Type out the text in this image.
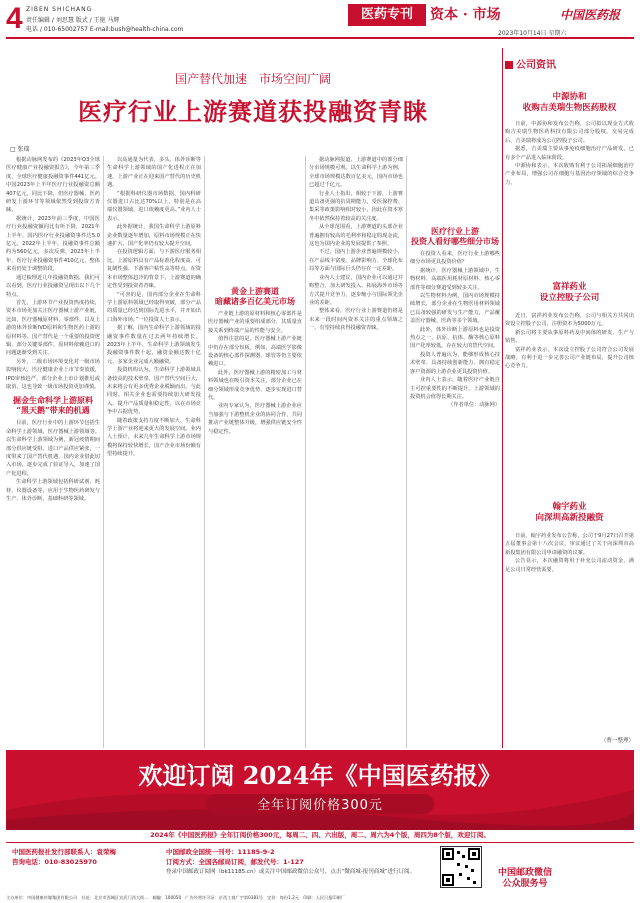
4 ZIBEN SHICHANG
责任编辑 / 刘思慧 版式 / 王艳 马辉
电话 / 010-65002757 E-mail:bush@health-china.com
医药专刊	资本 · 市场	中国医药报
2023年10月14日 星期六
国产替代加速　市场空间广阔
医疗行业上游赛道获投融资青睐
□ 张瑞

根据动脉网发布的《2023年Q3全球医疗健康产业投融资报告》，今年第三季度，全球医疗健康投融资事件441亿元。中国2023年上半年医疗行业投融资总额407亿元，同比下降，但医疗器械、医药研发上游环节等领域依然受到投资方青睐。

据统计，2023年前三季度，中国医疗行业投融资额同比有所下降，2021年上半年，国内医疗行业投融资事件达5.0亿元，2022年上半年，投融资事件总额约为560亿元，多次反弹，2023年上半年，医疗行业投融资事件410亿元，整体来看仍处于调整阶段。

通过梳理近几年投融资数据，我们可以看到，医疗行业投融资呈现出以下几个特点。

首先，上游环节产业投资热度持续，资本市场更加关注医疗器械上游产业链，比如，医疗器械原材料、零部件，以及上游的体外诊断IVD原料和生物医药上游的原材料等。国产替代是一个重要的投资逻辑，部分关键零部件、原材料依赖进口的问题逐渐受到关注。

另外，二级市场环境变化对一级市场影响较大，医疗健康企业上市节奏放缓，IPO审核趋严，部分企业上市计划推迟或取消，这也导致一级市场投资更加谨慎。

掘金生命科学上游原料
“黑天鹅”带来的机遇

目前，医疗行业中的上游环节包括生命科学上游领域、医疗器械上游领域等。以生命科学上游领域为例，新冠疫情期间部分供应链受阻，进口产品供应紧张，一度带来了国产替代机遇，国内企业借此切入市场，逐步完成了验证导入，加速了国产化进程。

生命科学上游领域包括科研试剂、耗材、仪器设备等，应用于生物医药研发与生产、体外诊断、基础科研等领域。

以高通量为代表，多头、体外诊断等生命科学上游领域的国产化进程正在加速。上游产业正在迎来国产替代的历史机遇。

“根据科研仪器市场数据，国内科研仪器进口占比达70%以上，特别是在高端仪器领域，进口依赖度更高。”业内人士表示。

此外据统计，我国生命科学上游原料企业数量逐年增加，原料市场规模正在快速扩大，国产化率仍有较大提升空间。

在投资逻辑方面，与下游医疗服务相比，上游原料具有产品标准化程度高、可复制性强、下游客户粘性高等特点。在资本市场整体趋冷的背景下，上游赛道的确定性受到投资者青睐。

“可喜的是，国内部分企业在生命科学上游原料领域已经取得突破，部分产品的质量已经达到国际先进水平，并开始出口海外市场。”一位投资人士表示。

据了解，国内生命科学上游领域的投融资事件数量在过去两年持续增长。2023年上半年，生命科学上游领域发生投融资事件数十起，融资金额达数十亿元，多家企业完成大额融资。

投资机构认为，生命科学上游领域具备较高的技术壁垒，国产替代空间巨大，未来将会有更多优秀企业脱颖而出。与此同时，相关企业也需要持续加大研发投入，提升产品质量和稳定性，以在市场竞争中占据优势。

随着政策支持力度不断加大，生命科学上游产业将迎来更大的发展空间。业内人士预计，未来几年生命科学上游市场规模将保持较快增长，国产企业市场份额有望持续提升。

黄金上游赛道
暗藏诸多百亿美元市场

产业链上游的原材料和核心零部件是医疗器械产业的重要组成部分，其质量直接关系到终端产品的性能与安全。

值得注意的是，医疗器械上游产业链中仍存在部分短板。例如，高端医学影像设备的核心部件探测器、球管等仍主要依赖进口。

此外，医疗器械上游的精密加工与材料领域也在吸引资本关注，部分企业已在细分领域形成竞争优势，逐步实现进口替代。

业内专家认为，医疗器械上游企业应当加强与下游整机企业的协同合作，共同推动产业链整体升级，增强供应链安全性与稳定性。

据动脉网报道，上游赛道中的部分细分市场规模可观。以生命科学上游为例，全球市场规模达数百亿美元，国内市场也已超过千亿元。

行业人士指出，相较于下游，上游赛道具备更强的抗周期能力，受医保控费、集采等政策影响相对较小，因此在资本寒冬中依然保持着较高的关注度。

从全球范围看，上游赛道的头部企业普遍拥有较高的毛利率和稳定的现金流，这也为国内企业的发展提供了参照。

不过，国内上游企业普遍规模较小，在产品线丰富度、品牌影响力、全球化布局等方面与国际巨头仍存在一定差距。

业内人士建议，国内企业可以通过并购整合、加大研发投入、拓展海外市场等方式提升竞争力，逐步缩小与国际领先企业的差距。

整体来看，医疗行业上游赛道仍将是未来一段时间内资本关注的重点领域之一，有望持续获得投融资青睐。

医疗行业上游
投资人看好哪些细分市场

在投资人看来，医疗行业上游哪些细分市场更具投资价值？

据统计，医疗器械上游领域中，生物材料、高端医用耗材原材料、核心零部件等细分赛道受到较多关注。

以生物材料为例，国内市场规模持续增长，部分企业在生物医用材料领域已具备较强的研发与生产能力，产品覆盖医疗器械、医药等多个领域。

此外，体外诊断上游原料也是投资热点之一，抗原、抗体、酶等核心原料国产化率较低，存在较大的替代空间。

投资人普遍认为，能够形成核心技术壁垒、具备持续创新能力、拥有稳定客户资源的上游企业更具投资价值。

业内人士表示，随着医疗产业链自主可控重要性的不断提升，上游领域的投资机会值得长期关注。

（作者单位：动脉网）

公司资讯
中源协和
收购吉美瑞生物医药股权

日前，中源协和发布公告称，公司拟以现金方式收购吉美瑞生物医药科技有限公司部分股权。交易完成后，吉美瑞将成为公司控股子公司。

据悉，吉美瑞主要从事免疫细胞治疗产品研发，已有多个产品进入临床阶段。

中源协和表示，本次收购有利于公司拓展细胞治疗产业布局，增强公司在细胞与基因治疗领域的综合竞争力。

富祥药业
设立控股子公司

近日，富祥药业发布公告称，公司与相关方共同出资设立控股子公司，注册资本为5000万元。

新公司将主要从事原料药及中间体的研发、生产与销售。

富祥药业表示，本次设立控股子公司符合公司发展战略，有利于进一步完善公司产业链布局，提升公司核心竞争力。

翰宇药业
向深圳高新投融资

日前，翰宇药业发布公告称，公司于9月27日召开第五届董事会第十八次会议，审议通过了关于向深圳市高新投集团有限公司申请融资的议案。

公告显示，本次融资将用于补充公司流动资金，满足公司日常经营需要。

（曹一整理）
欢迎订阅 2024年《中国医药报》
全年订阅价格300元
2024年《中国医药报》全年订阅价格300元，每周二、四、六出版，周二、周六为4个版，周四为8个版，欢迎订阅。
中国医药报社发行部联系人：袁荣梅
咨询电话：010-83025970
中国邮政全国统一刊号：11185-9-2
订阅方式：全国各邮局订阅，邮发代号：1-127
登录中国邮政订阅网（bk11185.cn）或关注中国邮政微信公众号，点击“微商城-报刊商城”进行订阅。	中国邮政微信
公众服务号
主办单位：中国健康传媒集团有限公司　社址：北京市西城区宣武门西大街…　邮编：100050　广告经营许可证：京西工商广字第0381号　定价：每份1.2元　印刷：人民日报印刷厂
